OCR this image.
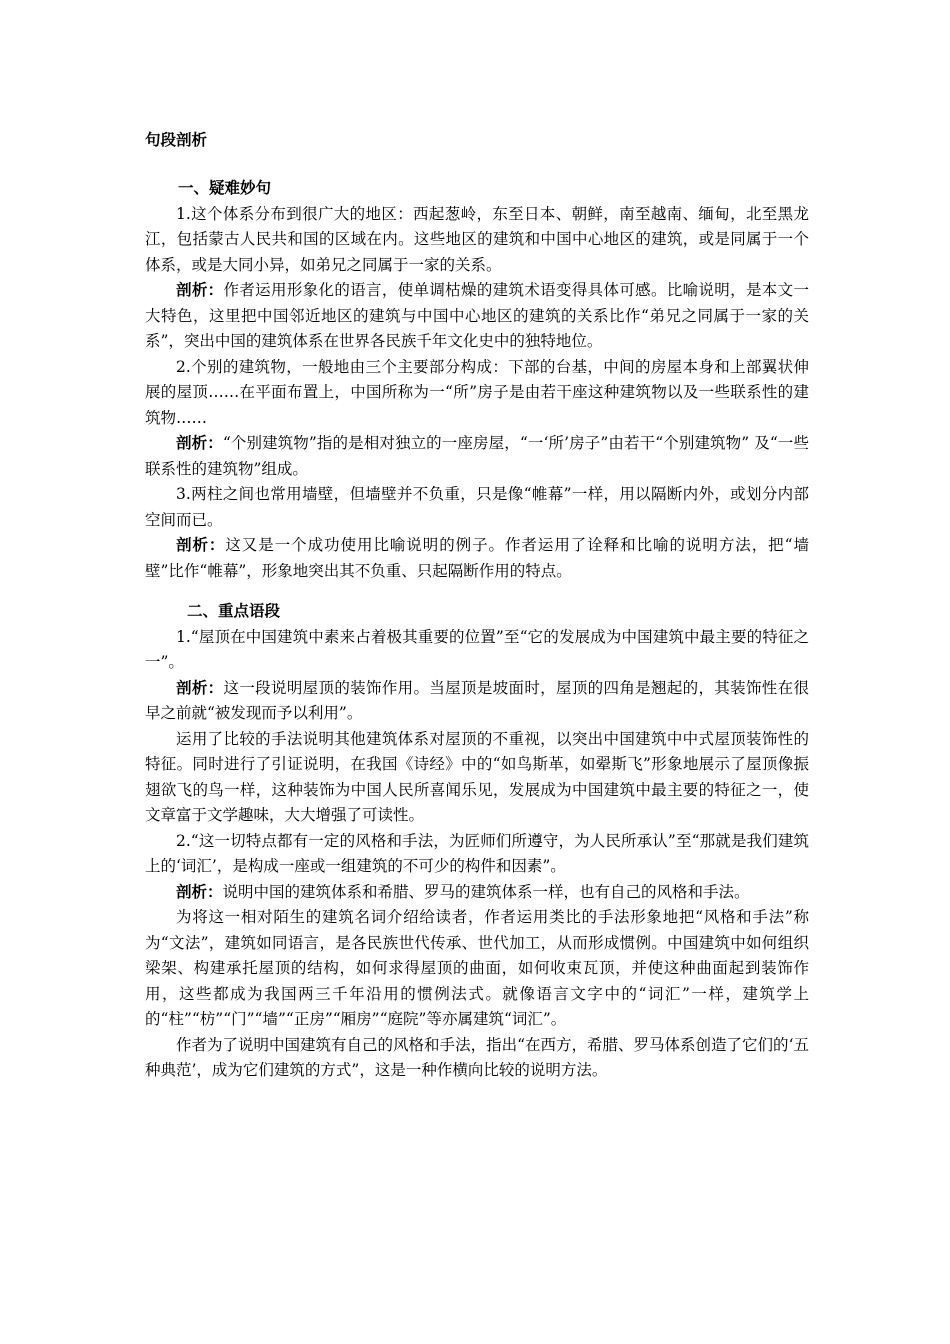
句段剖析
一、疑难妙句

1.这个体系分布到很广大的地区：西起葱岭，东至日本、朝鲜，南至越南、缅甸，北至黑龙江，包括蒙古人民共和国的区域在内。这些地区的建筑和中国中心地区的建筑，或是同属于一个体系，或是大同小异，如弟兄之同属于一家的关系。

剖析：作者运用形象化的语言，使单调枯燥的建筑术语变得具体可感。比喻说明，是本文一大特色，这里把中国邻近地区的建筑与中国中心地区的建筑的关系比作“弟兄之同属于一家的关系”，突出中国的建筑体系在世界各民族千年文化史中的独特地位。

2.个别的建筑物，一般地由三个主要部分构成：下部的台基，中间的房屋本身和上部翼状伸展的屋顶……在平面布置上，中国所称为一“所”房子是由若干座这种建筑物以及一些联系性的建筑物……

剖析：“个别建筑物”指的是相对独立的一座房屋，“一‘所’房子”由若干“个别建筑物” 及“一些联系性的建筑物”组成。

3.两柱之间也常用墙壁，但墙壁并不负重，只是像“帷幕”一样，用以隔断内外，或划分内部空间而已。

剖析：这又是一个成功使用比喻说明的例子。作者运用了诠释和比喻的说明方法，把“墙壁”比作“帷幕”，形象地突出其不负重、只起隔断作用的特点。

二、重点语段

1.“屋顶在中国建筑中素来占着极其重要的位置”至“它的发展成为中国建筑中最主要的特征之一”。

剖析：这一段说明屋顶的装饰作用。当屋顶是坡面时，屋顶的四角是翘起的，其装饰性在很早之前就“被发现而予以利用”。

运用了比较的手法说明其他建筑体系对屋顶的不重视，以突出中国建筑中中式屋顶装饰性的特征。同时进行了引证说明，在我国《诗经》中的“如鸟斯革，如翚斯飞”形象地展示了屋顶像振翅欲飞的鸟一样，这种装饰为中国人民所喜闻乐见，发展成为中国建筑中最主要的特征之一，使文章富于文学趣味，大大增强了可读性。

2.“这一切特点都有一定的风格和手法，为匠师们所遵守，为人民所承认”至“那就是我们建筑上的‘词汇’，是构成一座或一组建筑的不可少的构件和因素”。

剖析：说明中国的建筑体系和希腊、罗马的建筑体系一样，也有自己的风格和手法。

为将这一相对陌生的建筑名词介绍给读者，作者运用类比的手法形象地把“风格和手法”称为“文法”，建筑如同语言，是各民族世代传承、世代加工，从而形成惯例。中国建筑中如何组织梁架、构建承托屋顶的结构，如何求得屋顶的曲面，如何收束瓦顶，并使这种曲面起到装饰作用，这些都成为我国两三千年沿用的惯例法式。就像语言文字中的“词汇”一样，建筑学上的“柱”“枋”“门”“墙”“正房”“厢房”“庭院”等亦属建筑“词汇”。

作者为了说明中国建筑有自己的风格和手法，指出“在西方，希腊、罗马体系创造了它们的‘五种典范’，成为它们建筑的方式”，这是一种作横向比较的说明方法。
